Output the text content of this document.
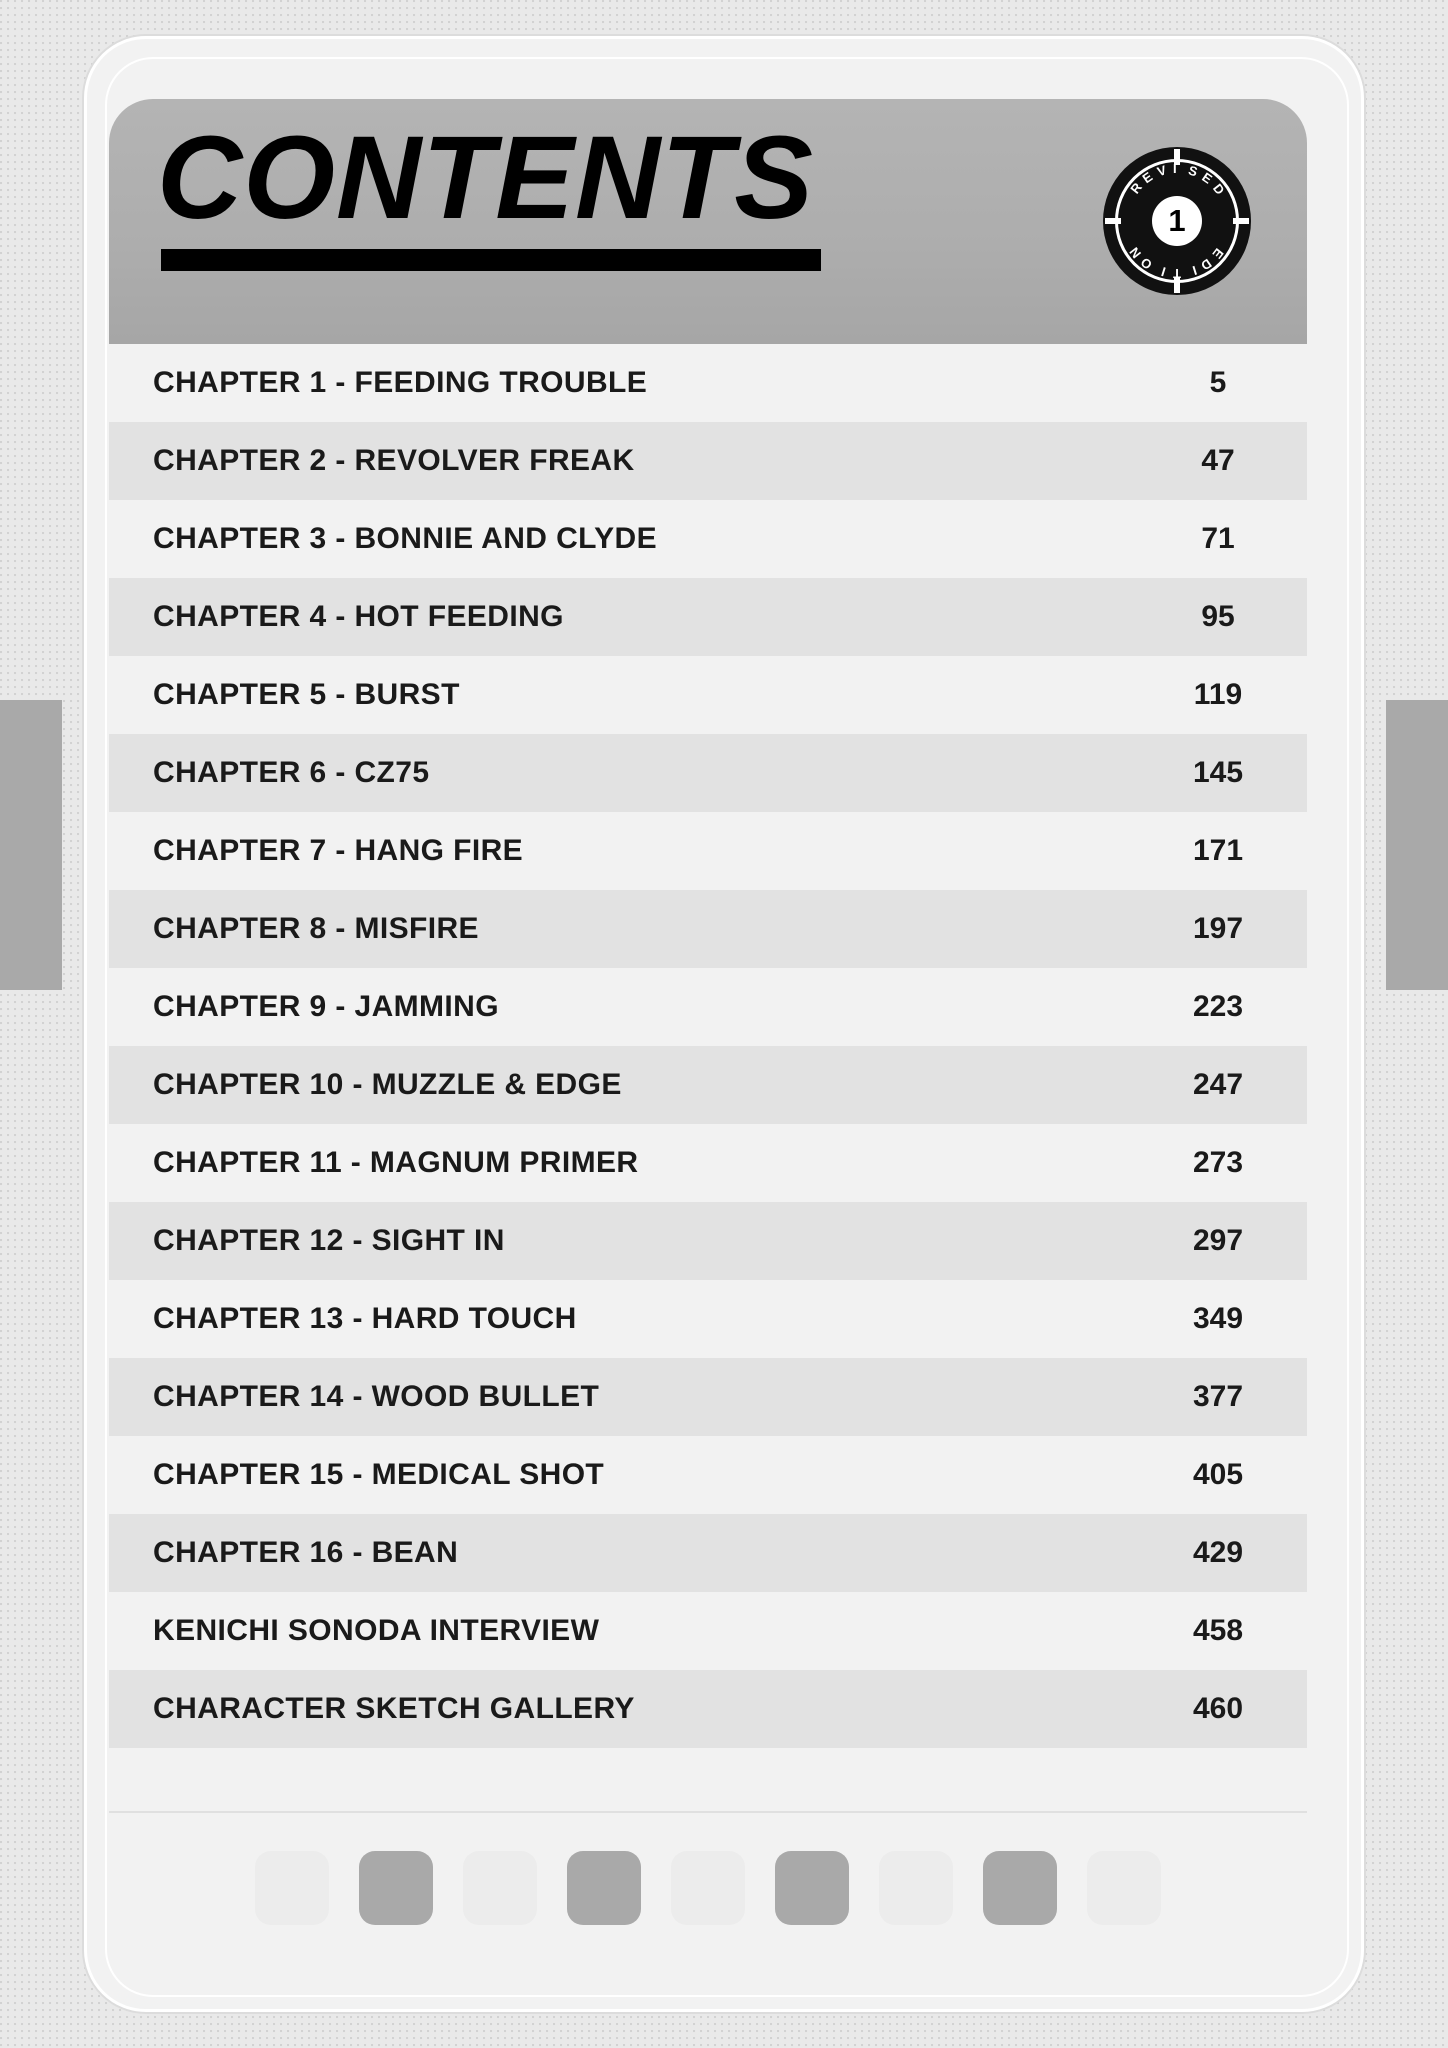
CONTENTS	R
E V I S E
D
E
D
I
T
I
O
N
1
CHAPTER 1 - FEEDING TROUBLE	5
CHAPTER 2 - REVOLVER FREAK	47
CHAPTER 3 - BONNIE AND CLYDE	71
CHAPTER 4 - HOT FEEDING	95
CHAPTER 5 - BURST	119
CHAPTER 6 - CZ75	145
CHAPTER 7 - HANG FIRE	171
CHAPTER 8 - MISFIRE	197
CHAPTER 9 - JAMMING	223
CHAPTER 10 - MUZZLE & EDGE	247
CHAPTER 11 - MAGNUM PRIMER	273
CHAPTER 12 - SIGHT IN	297
CHAPTER 13 - HARD TOUCH	349
CHAPTER 14 - WOOD BULLET	377
CHAPTER 15 - MEDICAL SHOT	405
CHAPTER 16 - BEAN	429
KENICHI SONODA INTERVIEW	458
CHARACTER SKETCH GALLERY	460
